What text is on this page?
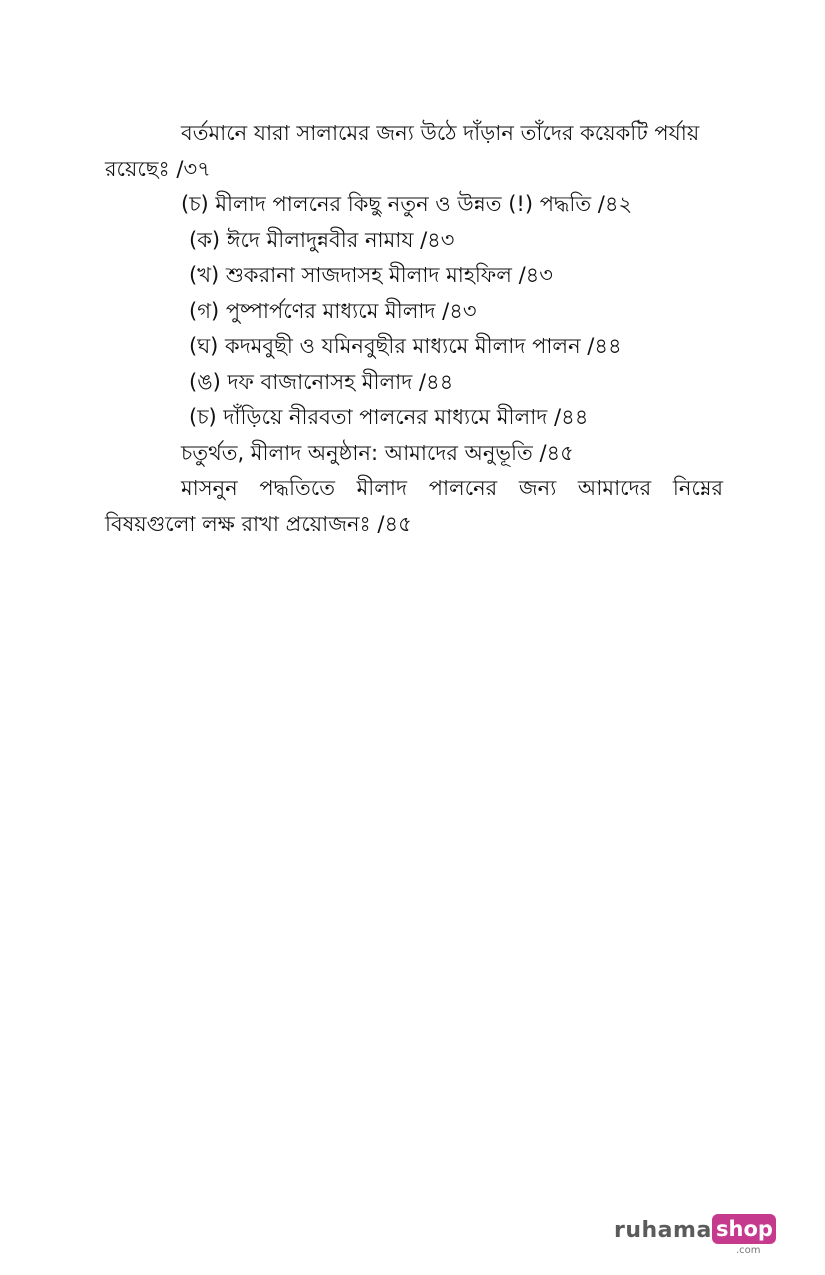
বর্তমানে যারা সালামের জন্য উঠে দাঁড়ান তাঁদের কয়েকটি পর্যায়
রয়েছেঃ /৩৭
(চ) মীলাদ পালনের কিছু নতুন ও উন্নত (!) পদ্ধতি /৪২
(ক) ঈদে মীলাদুন্নবীর নামায /৪৩
(খ) শুকরানা সাজদাসহ মীলাদ মাহফিল /৪৩
(গ) পুষ্পার্পণের মাধ্যমে মীলাদ /৪৩
(ঘ) কদমবুছী ও যমিনবুছীর মাধ্যমে মীলাদ পালন /৪৪
(ঙ) দফ বাজানোসহ মীলাদ /৪৪
(চ) দাঁড়িয়ে নীরবতা পালনের মাধ্যমে মীলাদ /৪৪
চতুর্থত, মীলাদ অনুষ্ঠান: আমাদের অনুভূতি /৪৫
মাসনুন পদ্ধতিতে মীলাদ পালনের জন্য আমাদের নিম্নের
বিষয়গুলো লক্ষ রাখা প্রয়োজনঃ /৪৫
ruhama shop
.com
